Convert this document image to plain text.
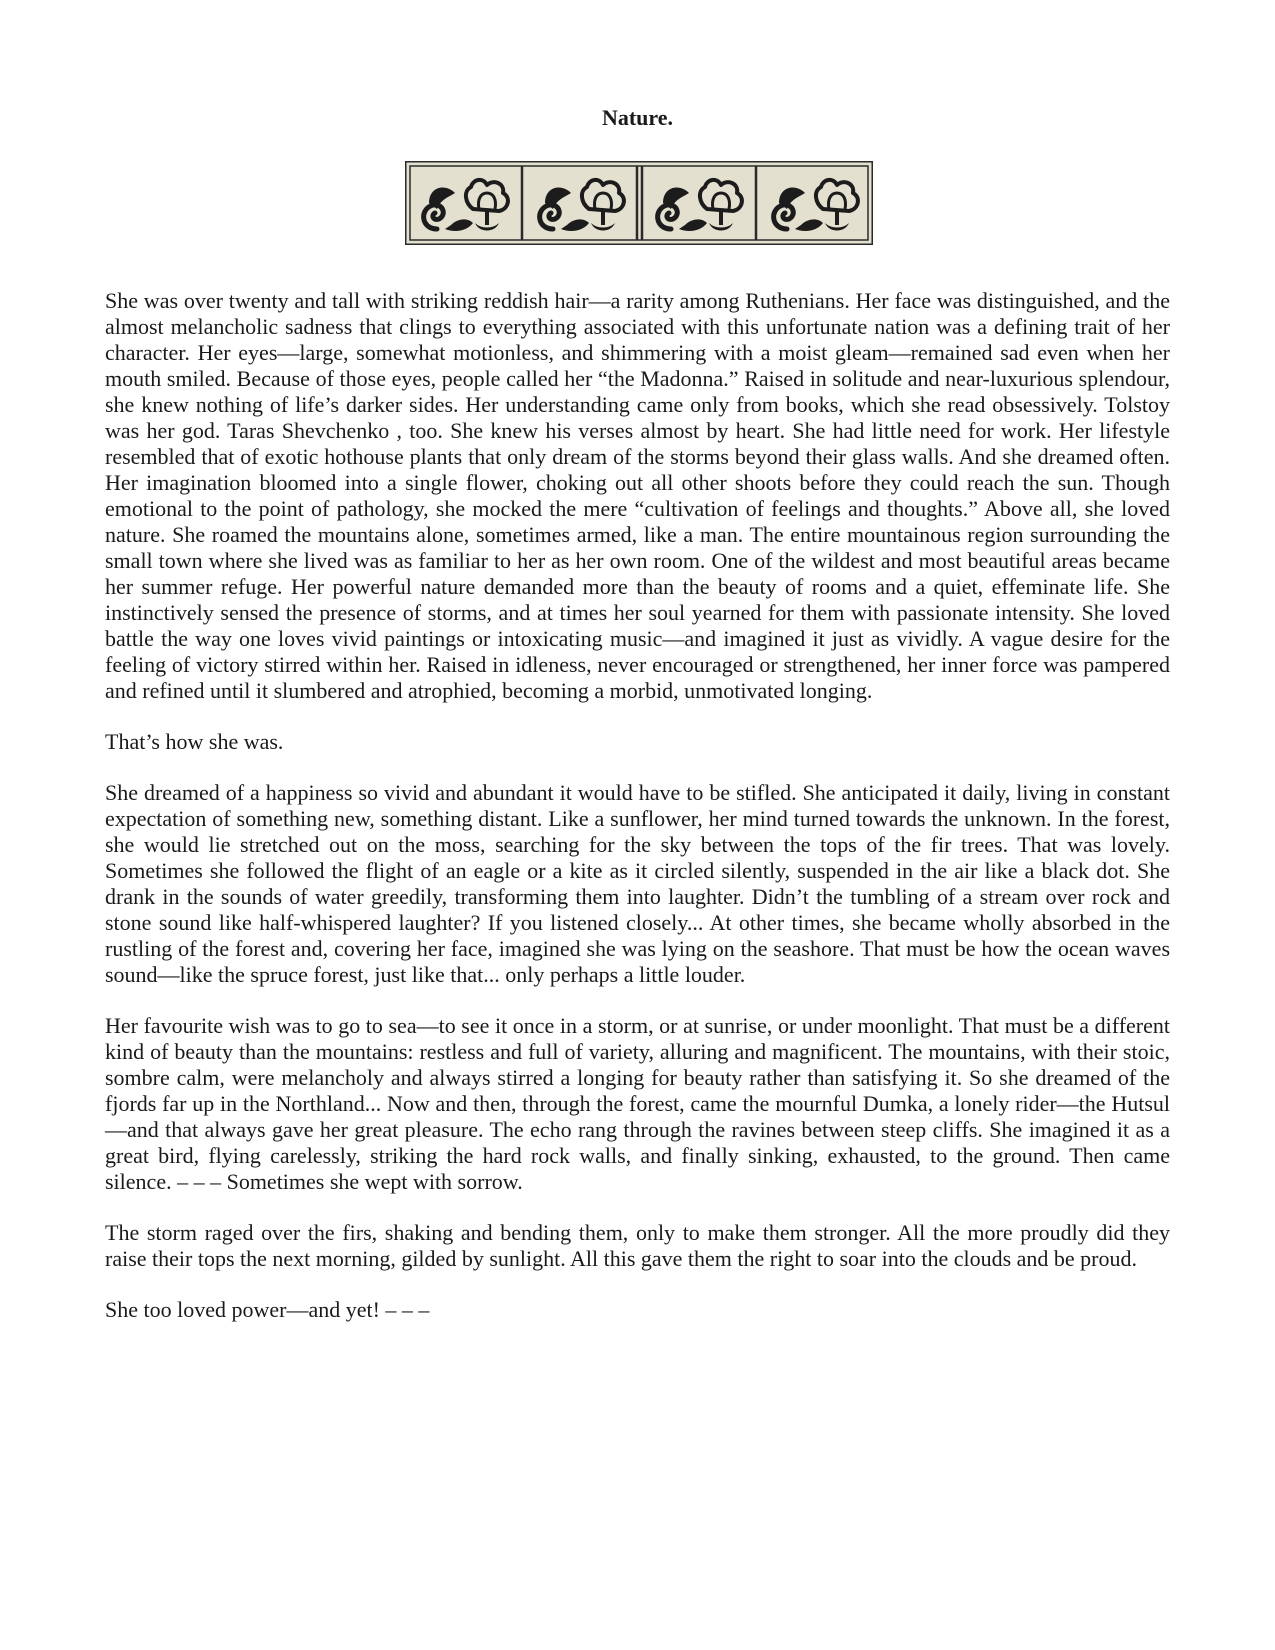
Nature.

She was over twenty and tall with striking reddish hair—a rarity among Ruthenians. Her face was distinguished, and the almost melancholic sadness that clings to everything associated with this unfortunate nation was a defining trait of her character. Her eyes—large, somewhat motionless, and shimmering with a moist gleam—remained sad even when her mouth smiled. Because of those eyes, people called her “the Madonna.” Raised in solitude and near-luxurious splendour, she knew nothing of life’s darker sides. Her understanding came only from books, which she read obsessively. Tolstoy was her god. Taras Shevchenko , too. She knew his verses almost by heart. She had little need for work. Her lifestyle resembled that of exotic hothouse plants that only dream of the storms beyond their glass walls. And she dreamed often. Her imagination bloomed into a single flower, choking out all other shoots before they could reach the sun. Though emotional to the point of pathology, she mocked the mere “cultivation of feelings and thoughts.” Above all, she loved nature. She roamed the mountains alone, sometimes armed, like a man. The entire mountainous region surrounding the small town where she lived was as familiar to her as her own room. One of the wildest and most beautiful areas became her summer refuge. Her powerful nature demanded more than the beauty of rooms and a quiet, effeminate life. She instinctively sensed the presence of storms, and at times her soul yearned for them with passionate intensity. She loved battle the way one loves vivid paintings or intoxicating music—and imagined it just as vividly. A vague desire for the feeling of victory stirred within her. Raised in idleness, never encouraged or strengthened, her inner force was pampered and refined until it slumbered and atrophied, becoming a morbid, unmotivated longing.

That’s how she was.

She dreamed of a happiness so vivid and abundant it would have to be stifled. She anticipated it daily, living in constant expectation of something new, something distant. Like a sunflower, her mind turned towards the unknown. In the forest, she would lie stretched out on the moss, searching for the sky between the tops of the fir trees. That was lovely. Sometimes she followed the flight of an eagle or a kite as it circled silently, suspended in the air like a black dot. She drank in the sounds of water greedily, transforming them into laughter. Didn’t the tumbling of a stream over rock and stone sound like half-whispered laughter? If you listened closely... At other times, she became wholly absorbed in the rustling of the forest and, covering her face, imagined she was lying on the seashore. That must be how the ocean waves sound—like the spruce forest, just like that... only perhaps a little louder.

Her favourite wish was to go to sea—to see it once in a storm, or at sunrise, or under moonlight. That must be a different kind of beauty than the mountains: restless and full of variety, alluring and magnificent. The mountains, with their stoic, sombre calm, were melancholy and always stirred a longing for beauty rather than satisfying it. So she dreamed of the fjords far up in the Northland... Now and then, through the forest, came the mournful Dumka, a lonely rider—the Hutsul—and that always gave her great pleasure. The echo rang through the ravines between steep cliffs. She imagined it as a great bird, flying carelessly, striking the hard rock walls, and finally sinking, exhausted, to the ground. Then came silence. – – – Sometimes she wept with sorrow.

The storm raged over the firs, shaking and bending them, only to make them stronger. All the more proudly did they raise their tops the next morning, gilded by sunlight. All this gave them the right to soar into the clouds and be proud.

She too loved power—and yet! – – –
